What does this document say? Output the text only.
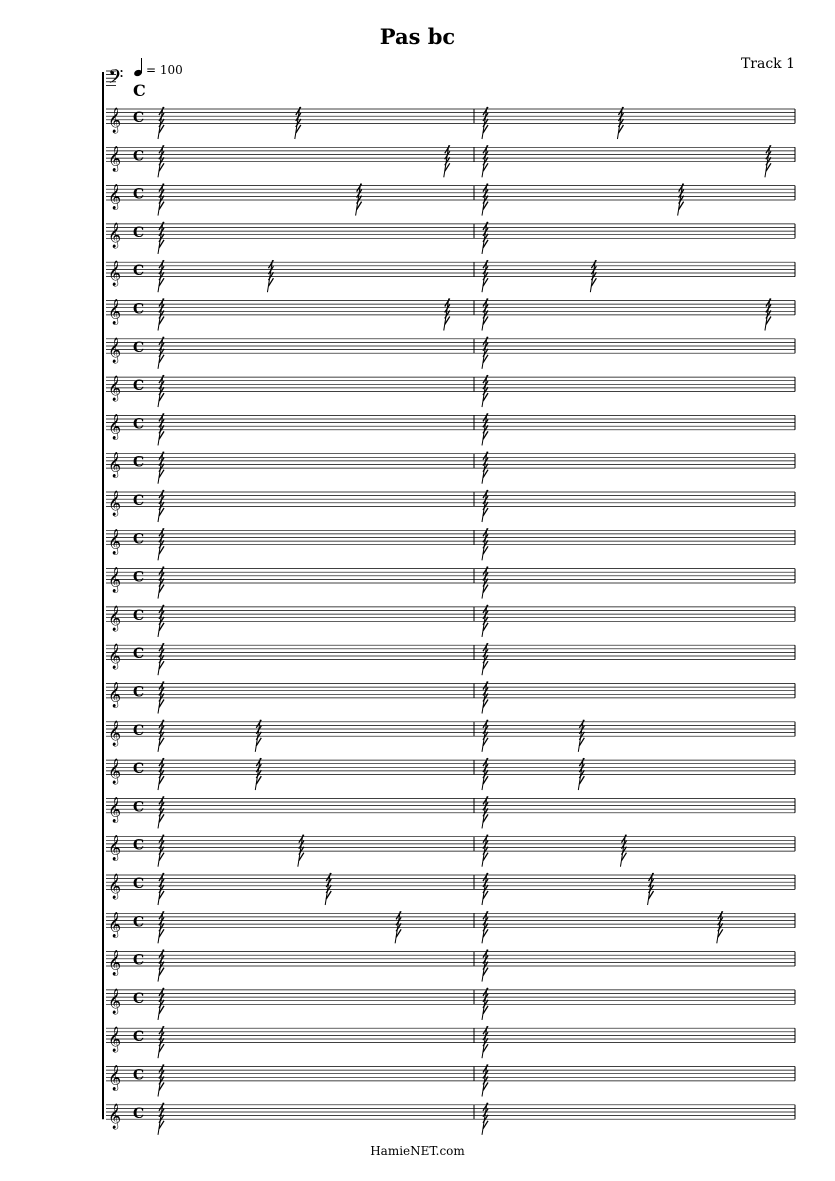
Pas bc
Track 1
= 100
𝄢 C
𝄞 C
𝄞 C
𝄞 C
𝄞 C
𝄞 C
𝄞 C
𝄞 C
𝄞 C
𝄞 C
𝄞 C
𝄞 C
𝄞 C
𝄞 C
𝄞 C
𝄞 C
𝄞 C
𝄞 C
𝄞 C
𝄞 C
𝄞 C
𝄞 C
𝄞 C
𝄞 C
𝄞 C
𝄞 C
𝄞 C
𝄞 C
HamieNET.com
